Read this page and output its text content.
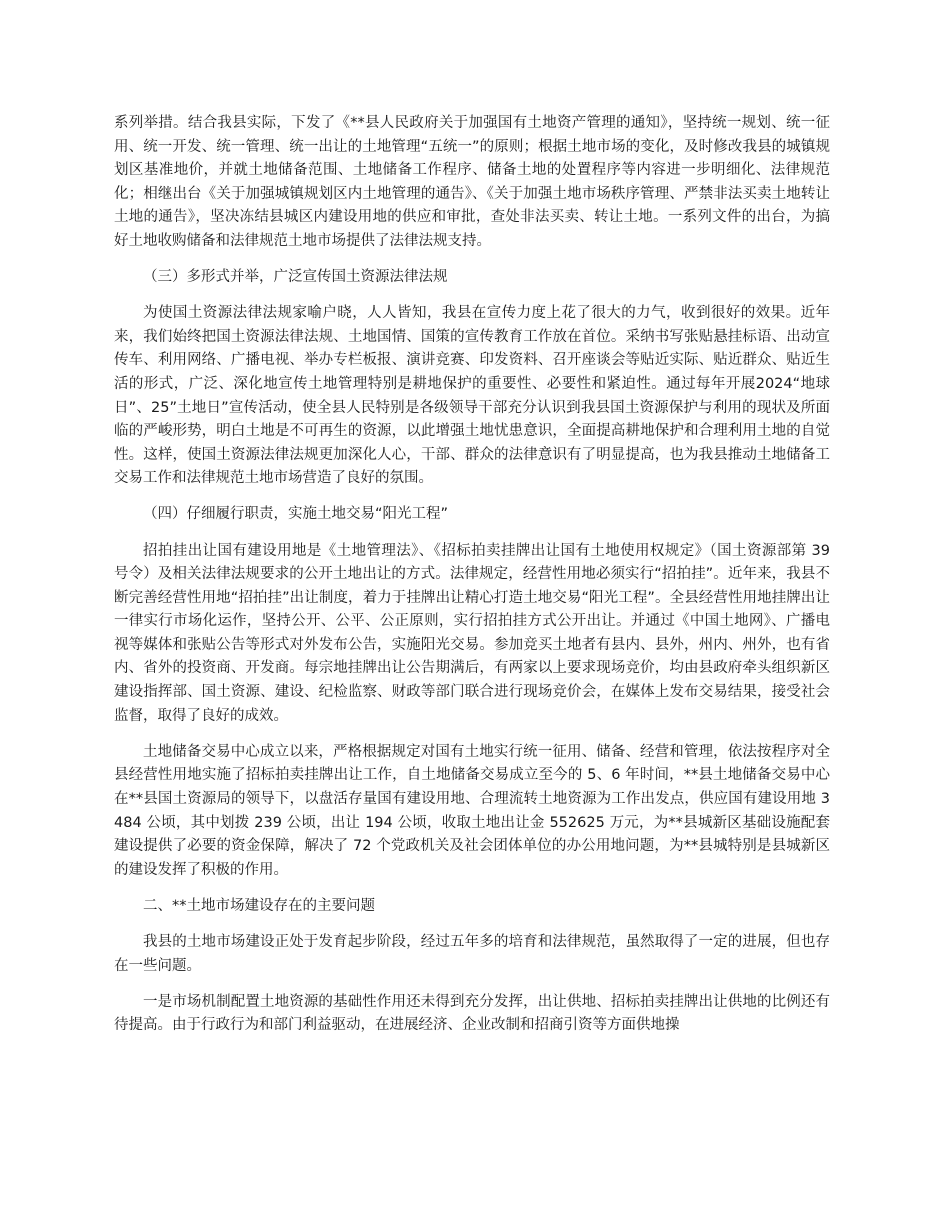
系列举措。结合我县实际，下发了《**县人民政府关于加强国有土地资产管理的通知》，坚持统一规划、统一征用、统一开发、统一管理、统一出让的土地管理“五统一”的原则；根据土地市场的变化，及时修改我县的城镇规划区基准地价，并就土地储备范围、土地储备工作程序、储备土地的处置程序等内容进一步明细化、法律规范化；相继出台《关于加强城镇规划区内土地管理的通告》、《关于加强土地市场秩序管理、严禁非法买卖土地转让土地的通告》，坚决冻结县城区内建设用地的供应和审批，查处非法买卖、转让土地。一系列文件的出台，为搞好土地收购储备和法律规范土地市场提供了法律法规支持。

（三）多形式并举，广泛宣传国土资源法律法规

为使国土资源法律法规家喻户晓，人人皆知，我县在宣传力度上花了很大的力气，收到很好的效果。近年来，我们始终把国土资源法律法规、土地国情、国策的宣传教育工作放在首位。采纳书写张贴悬挂标语、出动宣传车、利用网络、广播电视、举办专栏板报、演讲竞赛、印发资料、召开座谈会等贴近实际、贴近群众、贴近生活的形式，广泛、深化地宣传土地管理特别是耕地保护的重要性、必要性和紧迫性。通过每年开展2024“地球日”、25”土地日”宣传活动，使全县人民特别是各级领导干部充分认识到我县国土资源保护与利用的现状及所面临的严峻形势，明白土地是不可再生的资源，以此增强土地忧患意识，全面提高耕地保护和合理利用土地的自觉性。这样，使国土资源法律法规更加深化人心，干部、群众的法律意识有了明显提高，也为我县推动土地储备工交易工作和法律规范土地市场营造了良好的氛围。

（四）仔细履行职责，实施土地交易“阳光工程”

招拍挂出让国有建设用地是《土地管理法》、《招标拍卖挂牌出让国有土地使用权规定》（国土资源部第 39 号令）及相关法律法规要求的公开土地出让的方式。法律规定，经营性用地必须实行“招拍挂”。近年来，我县不断完善经营性用地“招拍挂”出让制度，着力于挂牌出让精心打造土地交易“阳光工程”。全县经营性用地挂牌出让一律实行市场化运作，坚持公开、公平、公正原则，实行招拍挂方式公开出让。并通过《中国土地网》、广播电视等媒体和张贴公告等形式对外发布公告，实施阳光交易。参加竞买土地者有县内、县外，州内、州外，也有省内、省外的投资商、开发商。每宗地挂牌出让公告期满后，有两家以上要求现场竞价，均由县政府牵头组织新区建设指挥部、国土资源、建设、纪检监察、财政等部门联合进行现场竞价会，在媒体上发布交易结果，接受社会监督，取得了良好的成效。

土地储备交易中心成立以来，严格根据规定对国有土地实行统一征用、储备、经营和管理，依法按程序对全县经营性用地实施了招标拍卖挂牌出让工作，自土地储备交易成立至今的 5、6 年时间，**县土地储备交易中心在**县国土资源局的领导下，以盘活存量国有建设用地、合理流转土地资源为工作出发点，供应国有建设用地 3484 公顷，其中划拨 239 公顷，出让 194 公顷，收取土地出让金 552625 万元，为**县城新区基础设施配套建设提供了必要的资金保障，解决了 72 个党政机关及社会团体单位的办公用地问题，为**县城特别是县城新区的建设发挥了积极的作用。

二、**土地市场建设存在的主要问题

我县的土地市场建设正处于发育起步阶段，经过五年多的培育和法律规范，虽然取得了一定的进展，但也存在一些问题。

一是市场机制配置土地资源的基础性作用还未得到充分发挥，出让供地、招标拍卖挂牌出让供地的比例还有待提高。由于行政行为和部门利益驱动，在进展经济、企业改制和招商引资等方面供地操
